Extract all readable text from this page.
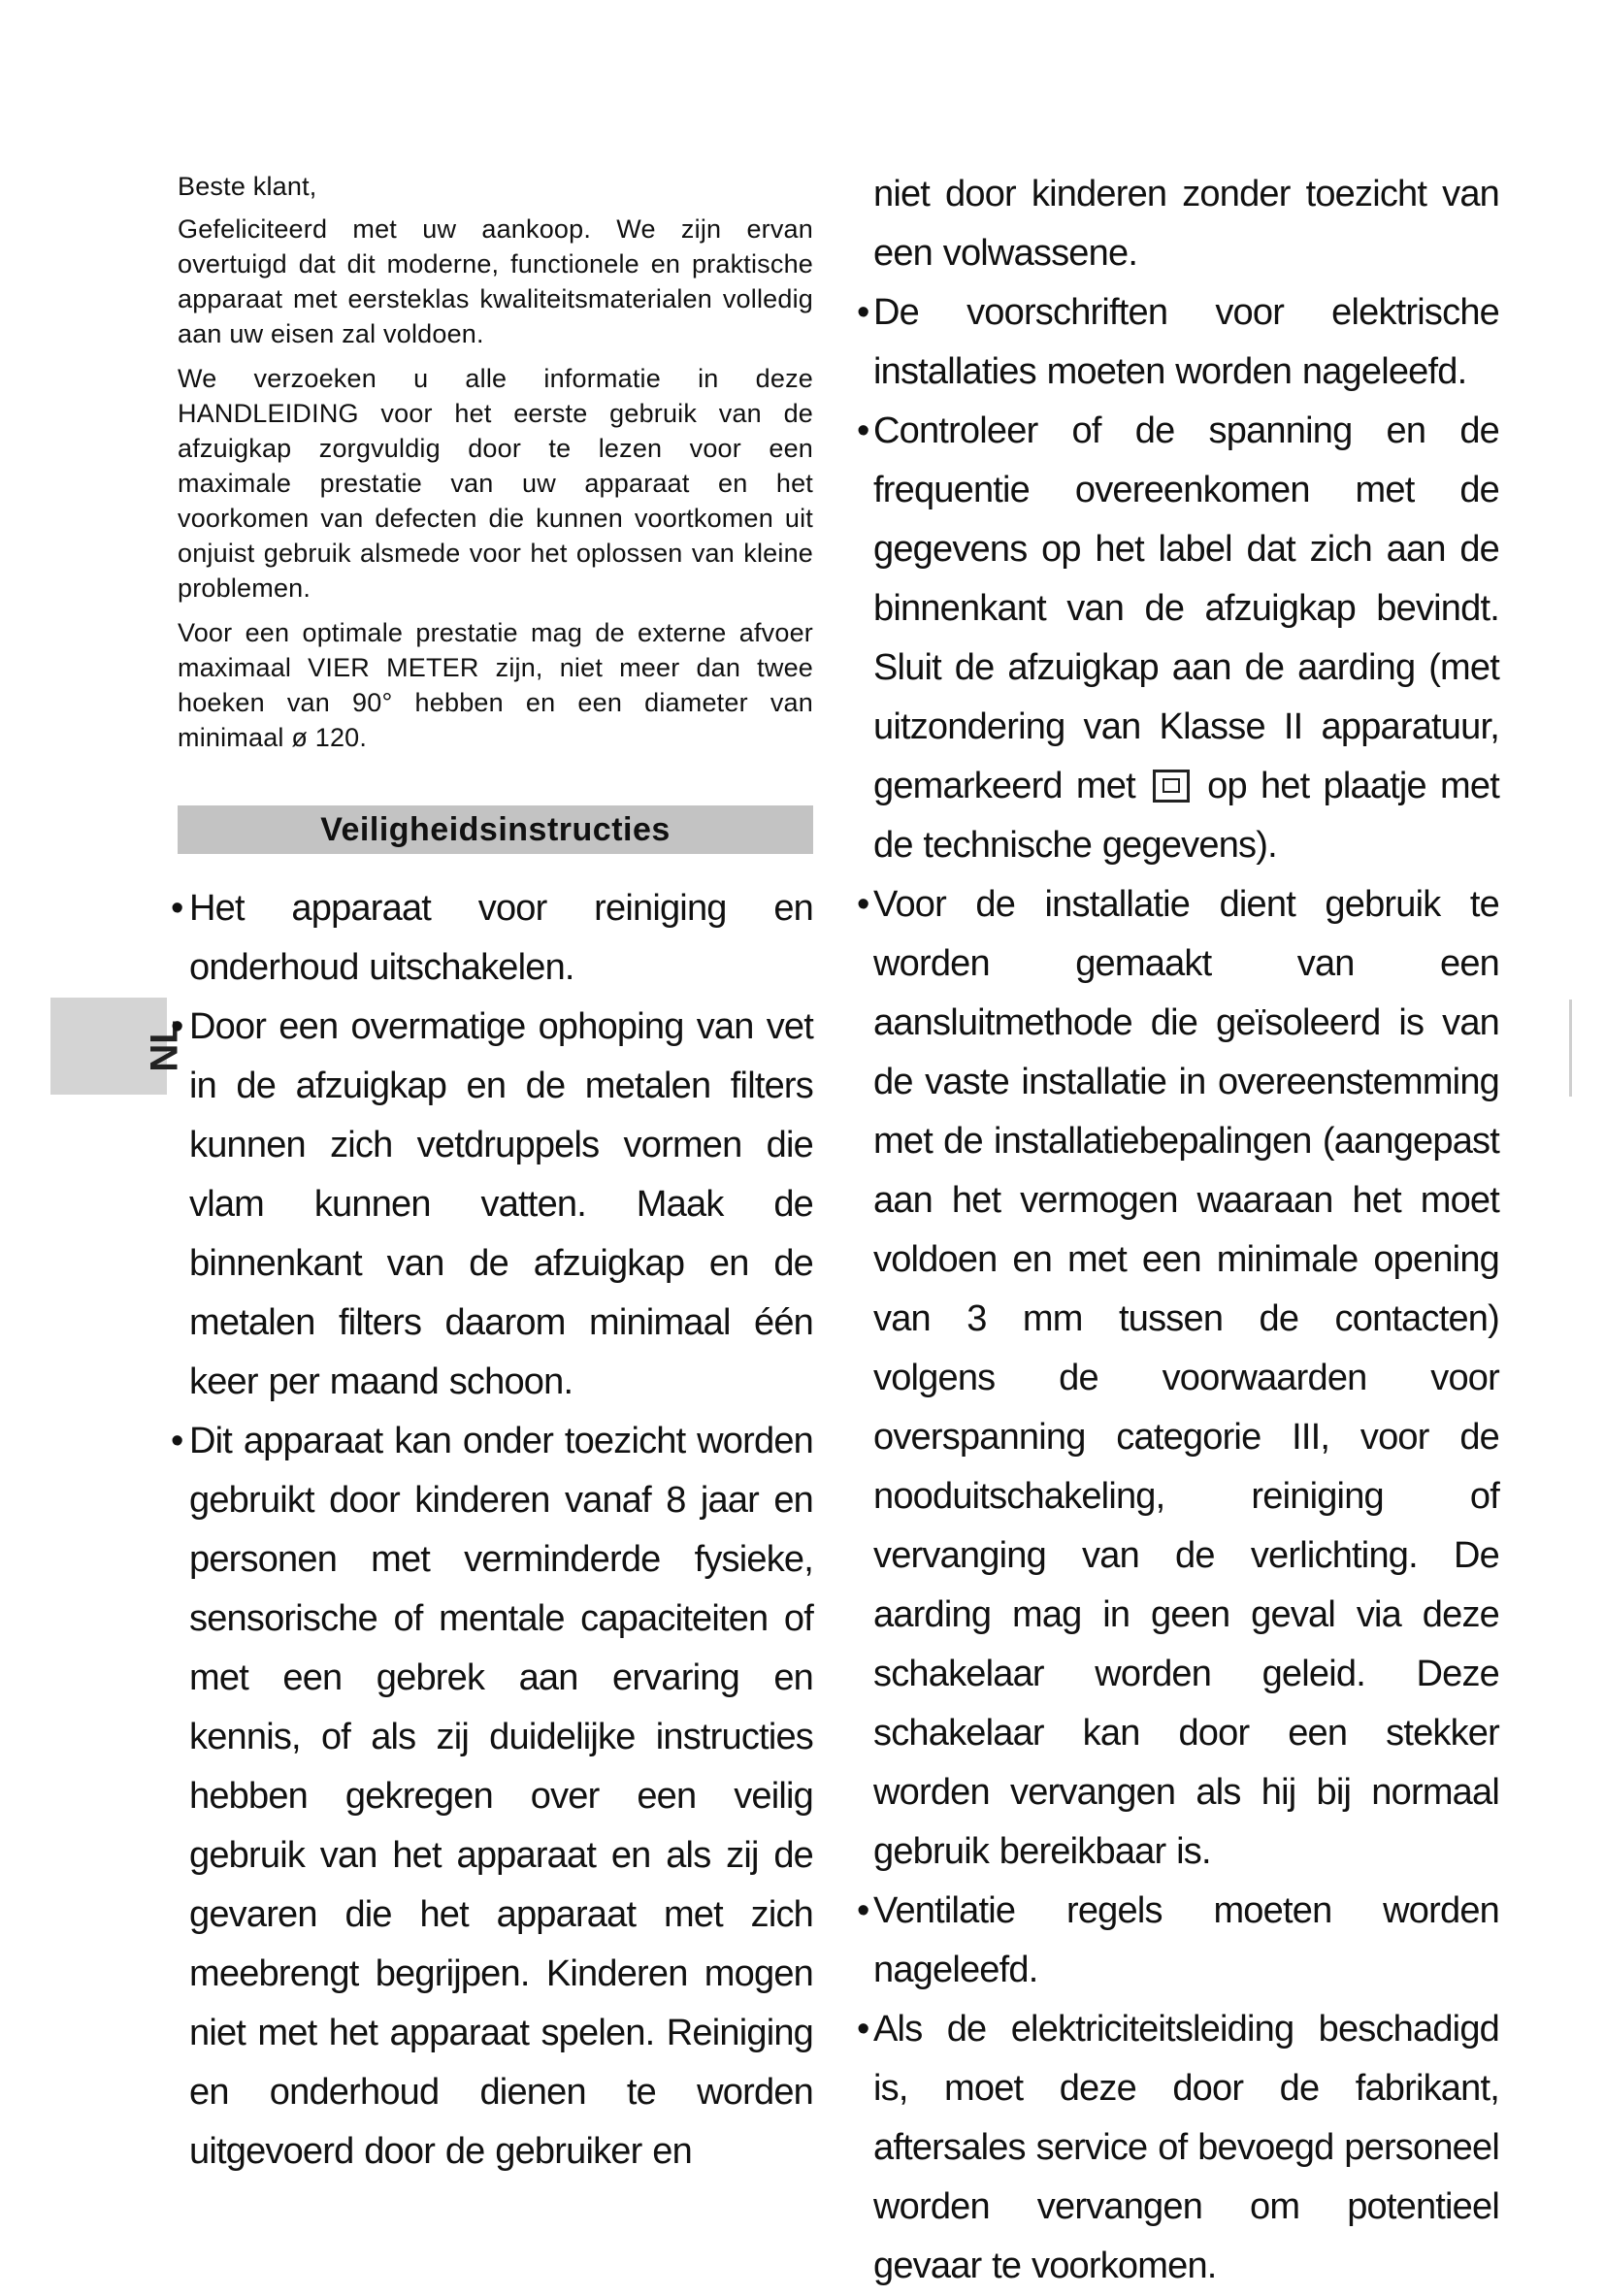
NL

Beste klant,

Gefeliciteerd met uw aankoop. We zijn ervan overtuigd dat dit moderne, functionele en praktische apparaat met eersteklas kwaliteitsmaterialen volledig aan uw eisen zal voldoen.

We verzoeken u alle informatie in deze HANDLEIDING voor het eerste gebruik van de afzuigkap zorgvuldig door te lezen voor een maximale prestatie van uw apparaat en het voorkomen van defecten die kunnen voortkomen uit onjuist gebruik alsmede voor het oplossen van kleine problemen.

Voor een optimale prestatie mag de externe afvoer maximaal VIER METER zijn, niet meer dan twee hoeken van 90° hebben en een diameter van minimaal ø 120.

Veiligheidsinstructies
• Het apparaat voor reiniging en onderhoud uitschakelen.
• Door een overmatige ophoping van vet in de afzuigkap en de metalen filters kunnen zich vetdruppels vormen die vlam kunnen vatten. Maak de binnenkant van de afzuigkap en de metalen filters daarom minimaal één keer per maand schoon.
• Dit apparaat kan onder toezicht worden gebruikt door kinderen vanaf 8 jaar en personen met verminderde fysieke, sensorische of mentale capaciteiten of met een gebrek aan ervaring en kennis, of als zij duidelijke instructies hebben gekregen over een veilig gebruik van het apparaat en als zij de gevaren die het apparaat met zich meebrengt begrijpen. Kinderen mogen niet met het apparaat spelen. Reiniging en onderhoud dienen te worden uitgevoerd door de gebruiker en
niet door kinderen zonder toezicht van een volwassene.
• De voorschriften voor elektrische installaties moeten worden nageleefd.
• Controleer of de spanning en de frequentie overeenkomen met de gegevens op het label dat zich aan de binnenkant van de afzuigkap bevindt. Sluit de afzuigkap aan de aarding (met uitzondering van Klasse II apparatuur, gemarkeerd met op het plaatje met de technische gegevens).
• Voor de installatie dient gebruik te worden gemaakt van een aansluitmethode die geïsoleerd is van de vaste installatie in overeenstemming met de installatiebepalingen (aangepast aan het vermogen waaraan het moet voldoen en met een minimale opening van 3 mm tussen de contacten) volgens de voorwaarden voor overspanning categorie III, voor de nooduitschakeling, reiniging of vervanging van de verlichting. De aarding mag in geen geval via deze schakelaar worden geleid. Deze schakelaar kan door een stekker worden vervangen als hij bij normaal gebruik bereikbaar is.
• Ventilatie regels moeten worden nageleefd.
• Als de elektriciteitsleiding beschadigd is, moet deze door de fabrikant, aftersales service of bevoegd personeel worden vervangen om potentieel gevaar te voorkomen.
